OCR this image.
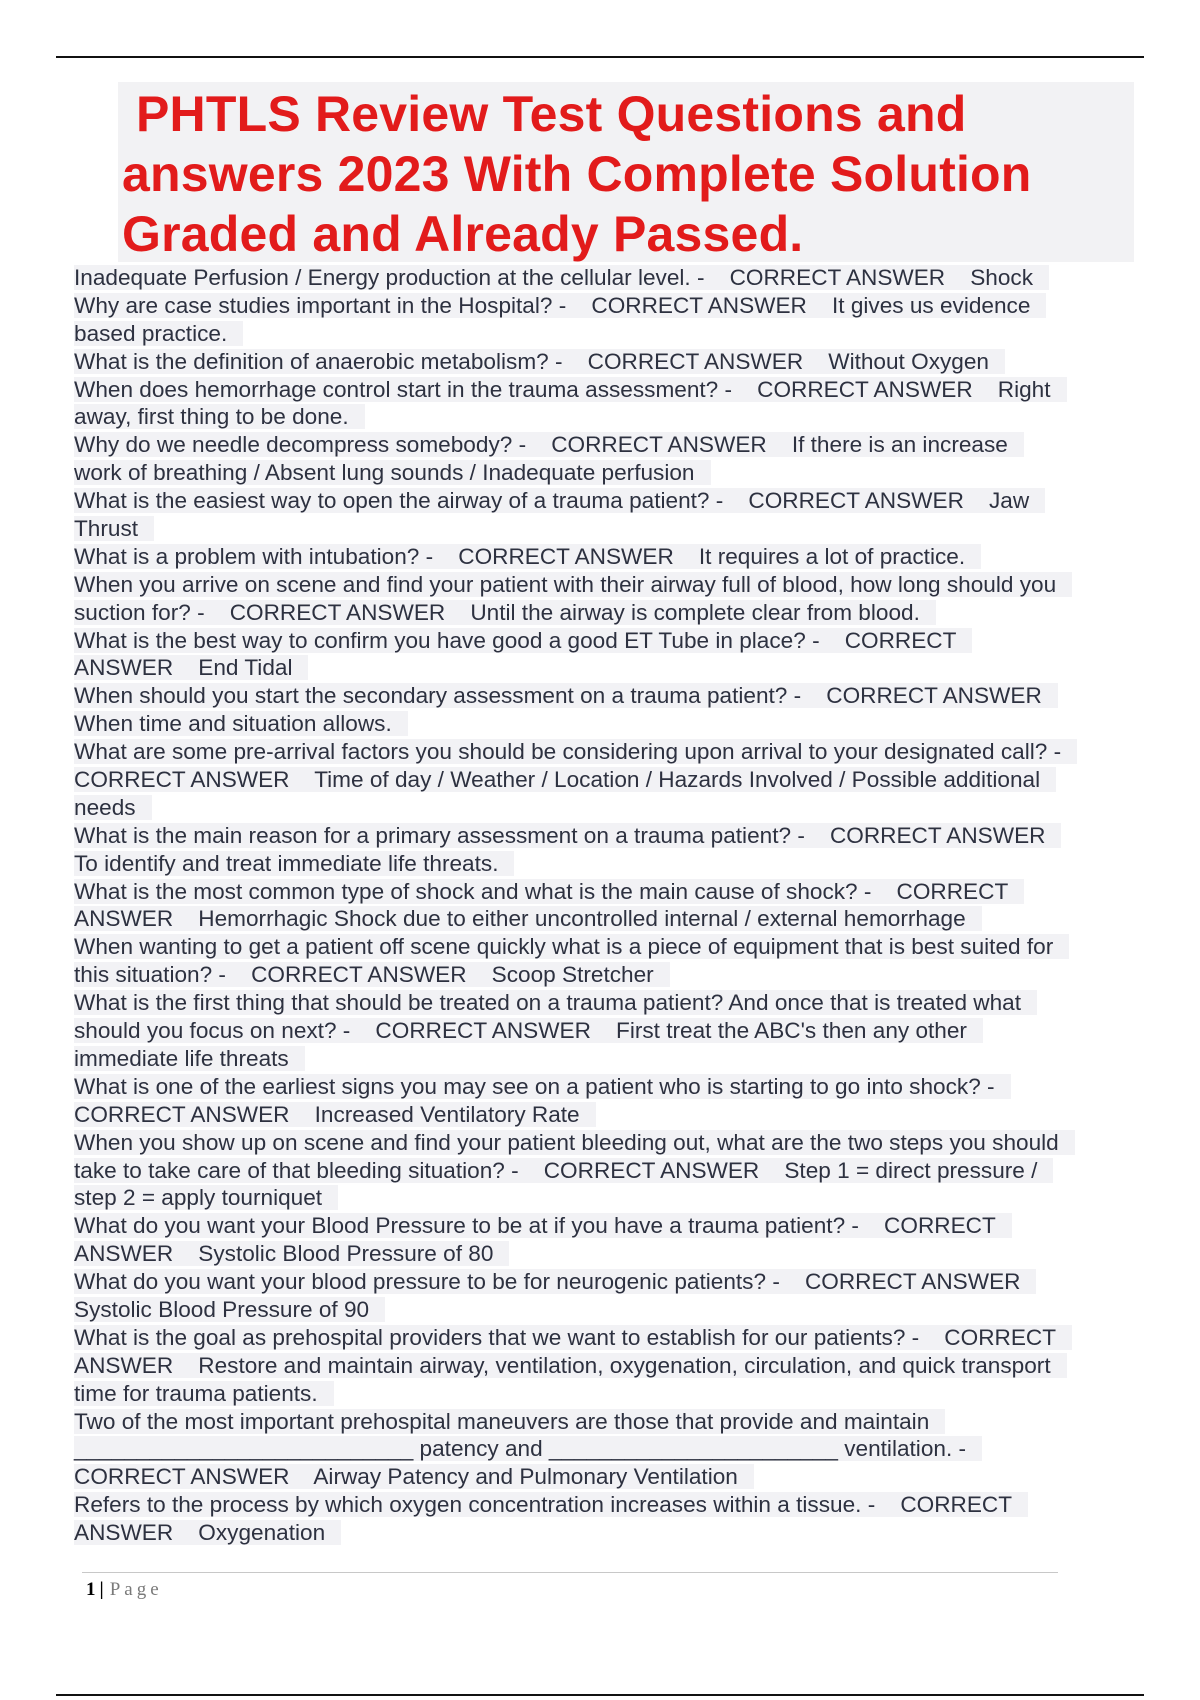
PHTLS Review Test Questions and
answers 2023 With Complete Solution
Graded and Already Passed.
Inadequate Perfusion / Energy production at the cellular level. -    CORRECT ANSWER    Shock
Why are case studies important in the Hospital? -    CORRECT ANSWER    It gives us evidence
based practice.
What is the definition of anaerobic metabolism? -    CORRECT ANSWER    Without Oxygen
When does hemorrhage control start in the trauma assessment? -    CORRECT ANSWER    Right
away, first thing to be done.
Why do we needle decompress somebody? -    CORRECT ANSWER    If there is an increase
work of breathing / Absent lung sounds / Inadequate perfusion
What is the easiest way to open the airway of a trauma patient? -    CORRECT ANSWER    Jaw
Thrust
What is a problem with intubation? -    CORRECT ANSWER    It requires a lot of practice.
When you arrive on scene and find your patient with their airway full of blood, how long should you
suction for? -    CORRECT ANSWER    Until the airway is complete clear from blood.
What is the best way to confirm you have good a good ET Tube in place? -    CORRECT
ANSWER    End Tidal
When should you start the secondary assessment on a trauma patient? -    CORRECT ANSWER
When time and situation allows.
What are some pre-arrival factors you should be considering upon arrival to your designated call? -
CORRECT ANSWER    Time of day / Weather / Location / Hazards Involved / Possible additional
needs
What is the main reason for a primary assessment on a trauma patient? -    CORRECT ANSWER
To identify and treat immediate life threats.
What is the most common type of shock and what is the main cause of shock? -    CORRECT
ANSWER    Hemorrhagic Shock due to either uncontrolled internal / external hemorrhage
When wanting to get a patient off scene quickly what is a piece of equipment that is best suited for
this situation? -    CORRECT ANSWER    Scoop Stretcher
What is the first thing that should be treated on a trauma patient? And once that is treated what
should you focus on next? -    CORRECT ANSWER    First treat the ABC's then any other
immediate life threats
What is one of the earliest signs you may see on a patient who is starting to go into shock? -
CORRECT ANSWER    Increased Ventilatory Rate
When you show up on scene and find your patient bleeding out, what are the two steps you should
take to take care of that bleeding situation? -    CORRECT ANSWER    Step 1 = direct pressure /
step 2 = apply tourniquet
What do you want your Blood Pressure to be at if you have a trauma patient? -    CORRECT
ANSWER    Systolic Blood Pressure of 80
What do you want your blood pressure to be for neurogenic patients? -    CORRECT ANSWER
Systolic Blood Pressure of 90
What is the goal as prehospital providers that we want to establish for our patients? -    CORRECT
ANSWER    Restore and maintain airway, ventilation, oxygenation, circulation, and quick transport
time for trauma patients.
Two of the most important prehospital maneuvers are those that provide and maintain
___________________________ patency and _______________________ ventilation. -
CORRECT ANSWER    Airway Patency and Pulmonary Ventilation
Refers to the process by which oxygen concentration increases within a tissue. -    CORRECT
ANSWER    Oxygenation
1 | Page
